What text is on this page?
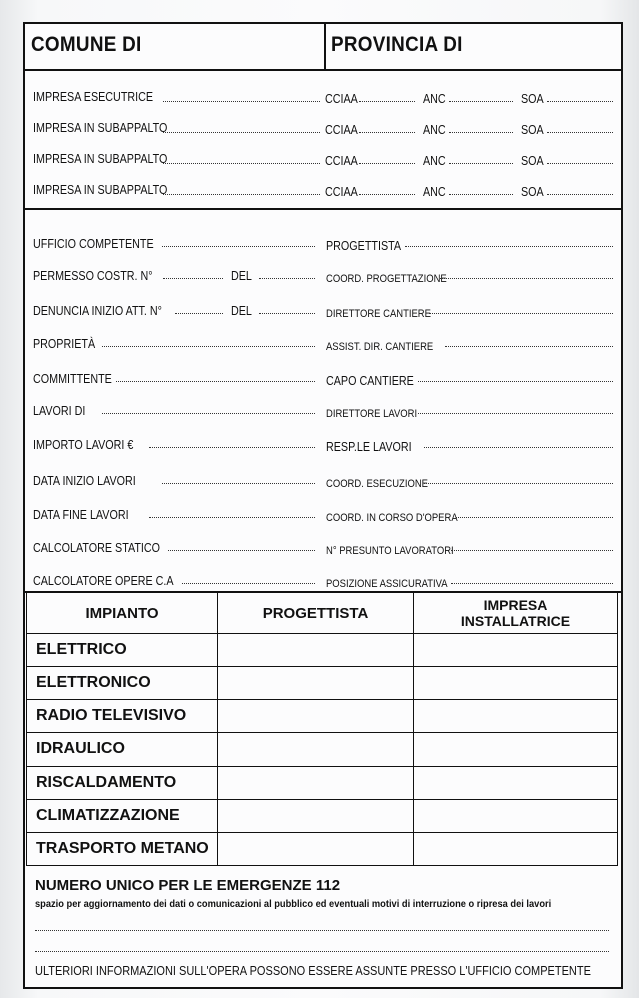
COMUNE DI	PROVINCIA DI
IMPRESA ESECUTRICE	CCIAA	ANC	SOA
IMPRESA IN SUBAPPALTO	CCIAA	ANC	SOA
IMPRESA IN SUBAPPALTO	CCIAA	ANC	SOA
IMPRESA IN SUBAPPALTO	CCIAA	ANC	SOA
UFFICIO COMPETENTE	PROGETTISTA
PERMESSO COSTR. N°	DEL	COORD. PROGETTAZIONE
DENUNCIA INIZIO ATT. N°	DEL	DIRETTORE CANTIERE
PROPRIETÀ	ASSIST. DIR. CANTIERE
COMMITTENTE	CAPO CANTIERE
LAVORI DI	DIRETTORE LAVORI
IMPORTO LAVORI €	RESP.LE LAVORI
DATA INIZIO LAVORI	COORD. ESECUZIONE
DATA FINE LAVORI	COORD. IN CORSO D'OPERA
CALCOLATORE STATICO	N° PRESUNTO LAVORATORI
CALCOLATORE OPERE C.A	POSIZIONE ASSICURATIVA
IMPIANTO	PROGETTISTA	IMPRESA
INSTALLATRICE

ELETTRICO		
ELETTRONICO		
RADIO TELEVISIVO		
IDRAULICO		
RISCALDAMENTO		
CLIMATIZZAZIONE		
TRASPORTO METANO		
NUMERO UNICO PER LE EMERGENZE 112
spazio per aggiornamento dei dati o comunicazioni al pubblico ed eventuali motivi di interruzione o ripresa dei lavori
ULTERIORI INFORMAZIONI SULL'OPERA POSSONO ESSERE ASSUNTE PRESSO L'UFFICIO COMPETENTE
